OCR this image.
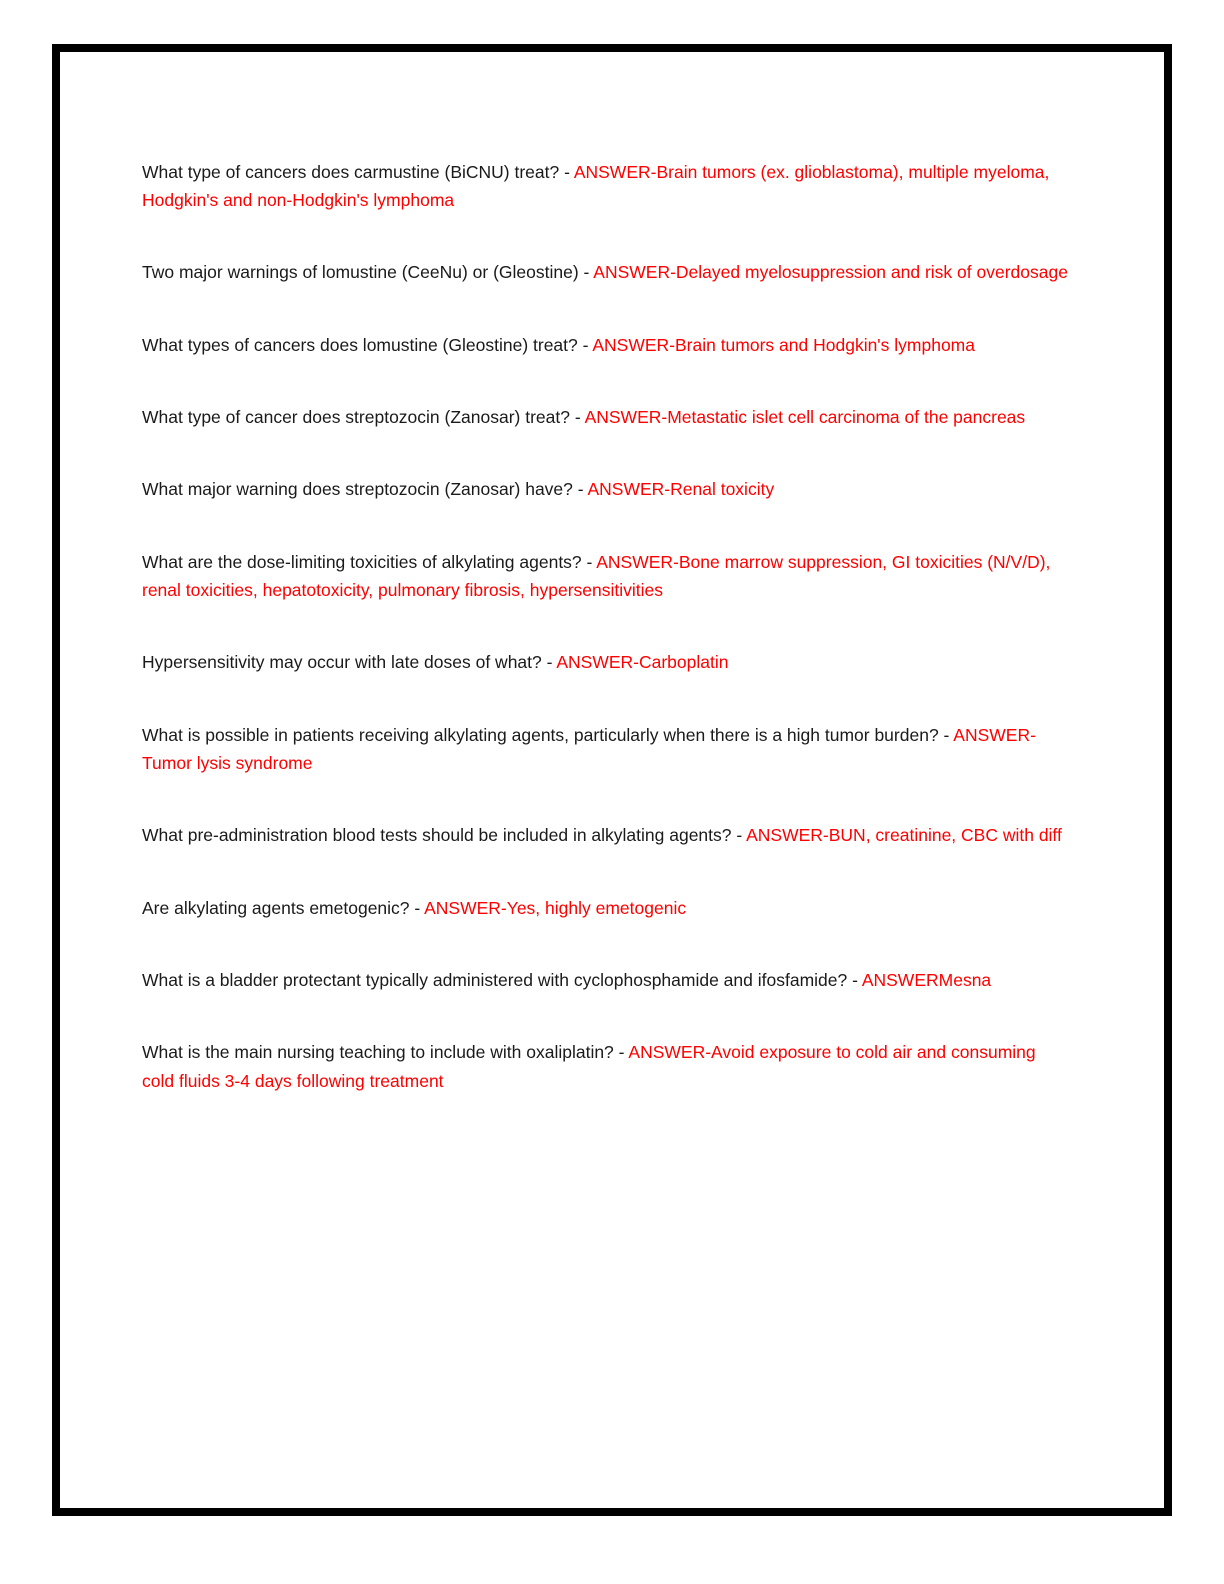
What type of cancers does carmustine (BiCNU) treat? - ANSWER-Brain tumors (ex. glioblastoma), multiple myeloma, Hodgkin's and non-Hodgkin's lymphoma

Two major warnings of lomustine (CeeNu) or (Gleostine) - ANSWER-Delayed myelosuppression and risk of overdosage

What types of cancers does lomustine (Gleostine) treat? - ANSWER-Brain tumors and Hodgkin's lymphoma

What type of cancer does streptozocin (Zanosar) treat? - ANSWER-Metastatic islet cell carcinoma of the pancreas

What major warning does streptozocin (Zanosar) have? - ANSWER-Renal toxicity

What are the dose-limiting toxicities of alkylating agents? - ANSWER-Bone marrow suppression, GI toxicities (N/V/D), renal toxicities, hepatotoxicity, pulmonary fibrosis, hypersensitivities

Hypersensitivity may occur with late doses of what? - ANSWER-Carboplatin

What is possible in patients receiving alkylating agents, particularly when there is a high tumor burden? - ANSWER-Tumor lysis syndrome

What pre-administration blood tests should be included in alkylating agents? - ANSWER-BUN, creatinine, CBC with diff

Are alkylating agents emetogenic? - ANSWER-Yes, highly emetogenic

What is a bladder protectant typically administered with cyclophosphamide and ifosfamide? - ANSWERMesna

What is the main nursing teaching to include with oxaliplatin? - ANSWER-Avoid exposure to cold air and consuming cold fluids 3-4 days following treatment
